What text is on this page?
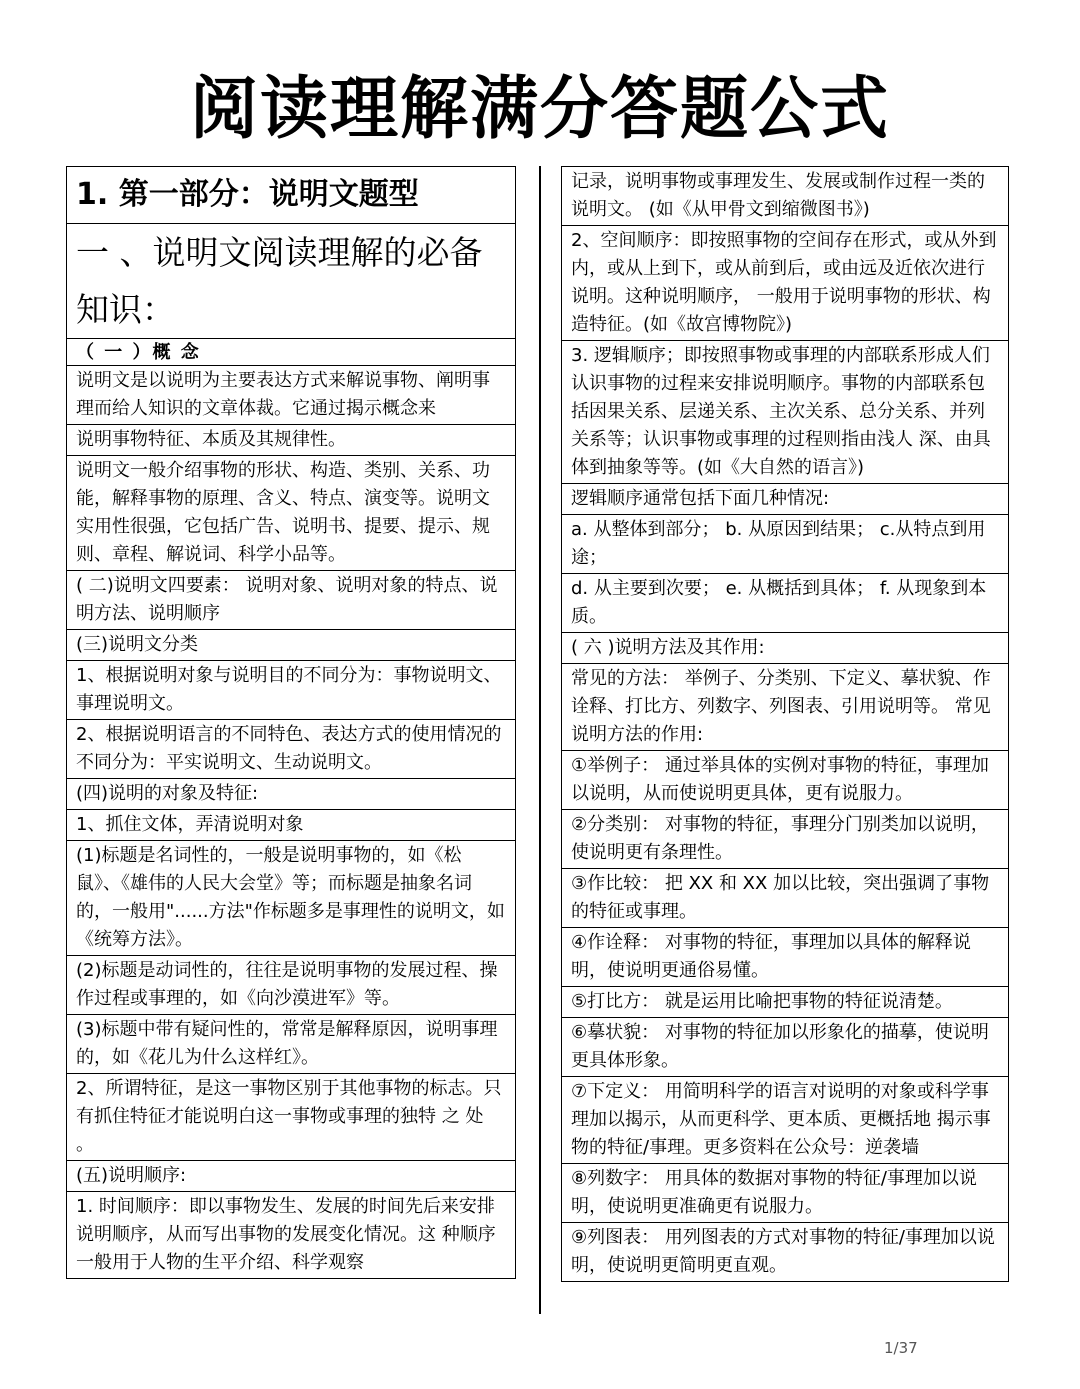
阅读理解满分答题公式
1. 第一部分：说明文题型
一 、说明文阅读理解的必备知识：
（ 一 ）概 念
说明文是以说明为主要表达方式来解说事物、阐明事理而给人知识的文章体裁。它通过揭示概念来
说明事物特征、本质及其规律性。
说明文一般介绍事物的形状、构造、类别、关系、功能，解释事物的原理、含义、特点、演变等。说明文 实用性很强，它包括广告、说明书、提要、提示、规则、章程、解说词、科学小品等。
( 二)说明文四要素： 说明对象、说明对象的特点、说明方法、说明顺序
(三)说明文分类
1、根据说明对象与说明目的不同分为：事物说明文、事理说明文。
2、根据说明语言的不同特色、表达方式的使用情况的不同分为：平实说明文、生动说明文。
(四)说明的对象及特征:
1、抓住文体，弄清说明对象
(1)标题是名词性的，一般是说明事物的，如《松鼠》、《雄伟的人民大会堂》等；而标题是抽象名词的，一般用"......方法"作标题多是事理性的说明文，如《统筹方法》。
(2)标题是动词性的，往往是说明事物的发展过程、操作过程或事理的，如《向沙漠进军》等。
(3)标题中带有疑问性的，常常是解释原因，说明事理的，如《花儿为什么这样红》。
2、所谓特征，是这一事物区别于其他事物的标志。只有抓住特征才能说明白这一事物或事理的独特 之 处 。
(五)说明顺序:
1. 时间顺序：即以事物发生、发展的时间先后来安排说明顺序，从而写出事物的发展变化情况。这 种顺序一般用于人物的生平介绍、科学观察
记录，说明事物或事理发生、发展或制作过程一类的说明文。 (如《从甲骨文到缩微图书》)
2、空间顺序：即按照事物的空间存在形式，或从外到内，或从上到下，或从前到后，或由远及近依次进行说明。这种说明顺序， 一般用于说明事物的形状、构造特征。(如《故宫博物院》)
3. 逻辑顺序；即按照事物或事理的内部联系形成人们认识事物的过程来安排说明顺序。事物的内部联系包括因果关系、层递关系、主次关系、总分关系、并列关系等；认识事物或事理的过程则指由浅人 深、由具体到抽象等等。(如《大自然的语言》)
逻辑顺序通常包括下面几种情况:
a. 从整体到部分； b. 从原因到结果； c.从特点到用途；
d. 从主要到次要； e. 从概括到具体； f. 从现象到本质。
( 六 )说明方法及其作用:
常见的方法： 举例子、分类别、下定义、摹状貌、作诠释、打比方、列数字、列图表、引用说明等。 常见说明方法的作用:
①举例子： 通过举具体的实例对事物的特征，事理加以说明，从而使说明更具体，更有说服力。
②分类别： 对事物的特征，事理分门别类加以说明，使说明更有条理性。
③作比较： 把 XX 和 XX 加以比较，突出强调了事物的特征或事理。
④作诠释： 对事物的特征，事理加以具体的解释说明，使说明更通俗易懂。
⑤打比方： 就是运用比喻把事物的特征说清楚。
⑥摹状貌： 对事物的特征加以形象化的描摹，使说明更具体形象。
⑦下定义： 用简明科学的语言对说明的对象或科学事理加以揭示，从而更科学、更本质、更概括地 揭示事物的特征/事理。更多资料在公众号：逆袭墙
⑧列数字： 用具体的数据对事物的特征/事理加以说明，使说明更准确更有说服力。
⑨列图表： 用列图表的方式对事物的特征/事理加以说明，使说明更简明更直观。
1/37
